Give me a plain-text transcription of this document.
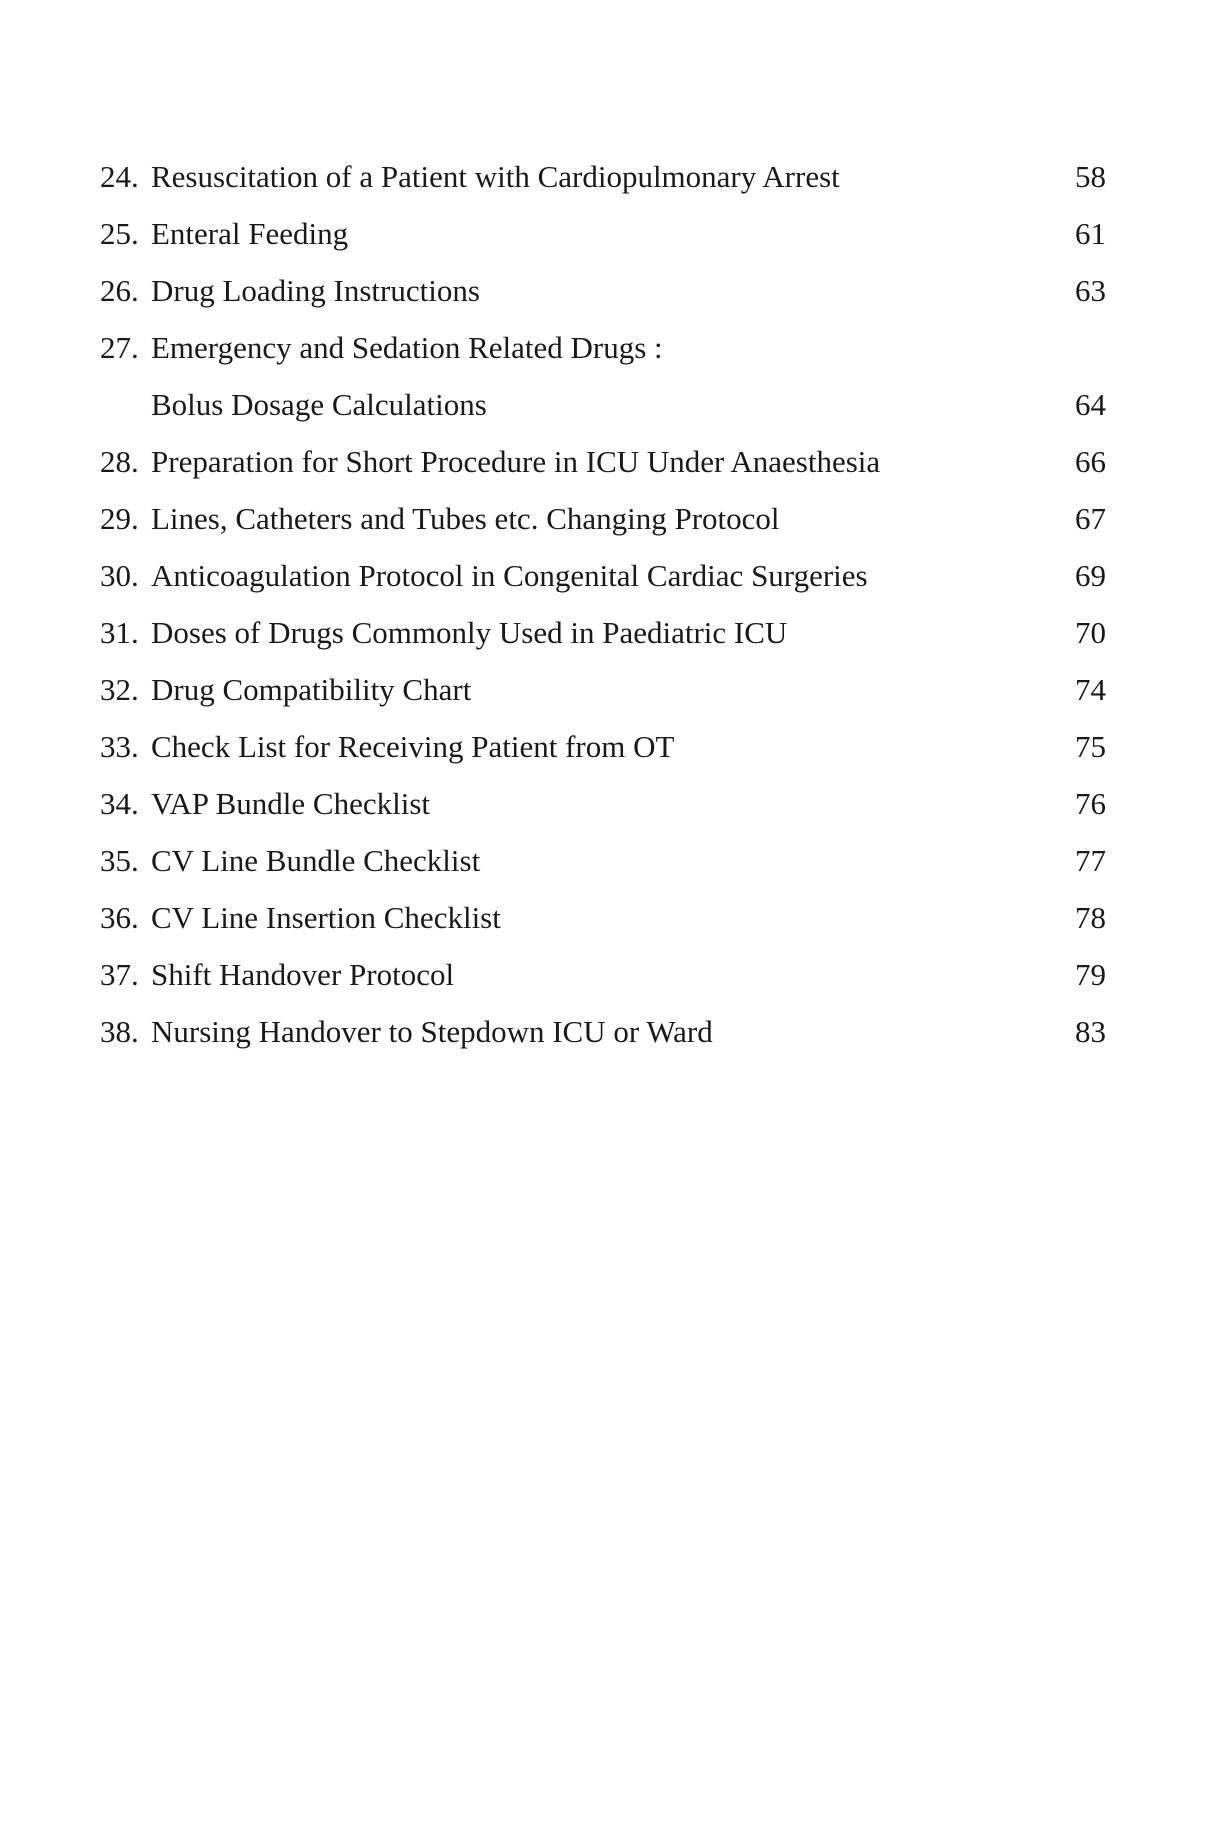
24. Resuscitation of a Patient with Cardiopulmonary Arrest	58
25. Enteral Feeding	61
26. Drug Loading Instructions	63
27. Emergency and Sedation Related Drugs :
Bolus Dosage Calculations	64
28. Preparation for Short Procedure in ICU Under Anaesthesia	66
29. Lines, Catheters and Tubes etc. Changing Protocol	67
30. Anticoagulation Protocol in Congenital Cardiac Surgeries	69
31. Doses of Drugs Commonly Used in Paediatric ICU	70
32. Drug Compatibility Chart	74
33. Check List for Receiving Patient from OT	75
34. VAP Bundle Checklist	76
35. CV Line Bundle Checklist	77
36. CV Line Insertion Checklist	78
37. Shift Handover Protocol	79
38. Nursing Handover to Stepdown ICU or Ward	83
